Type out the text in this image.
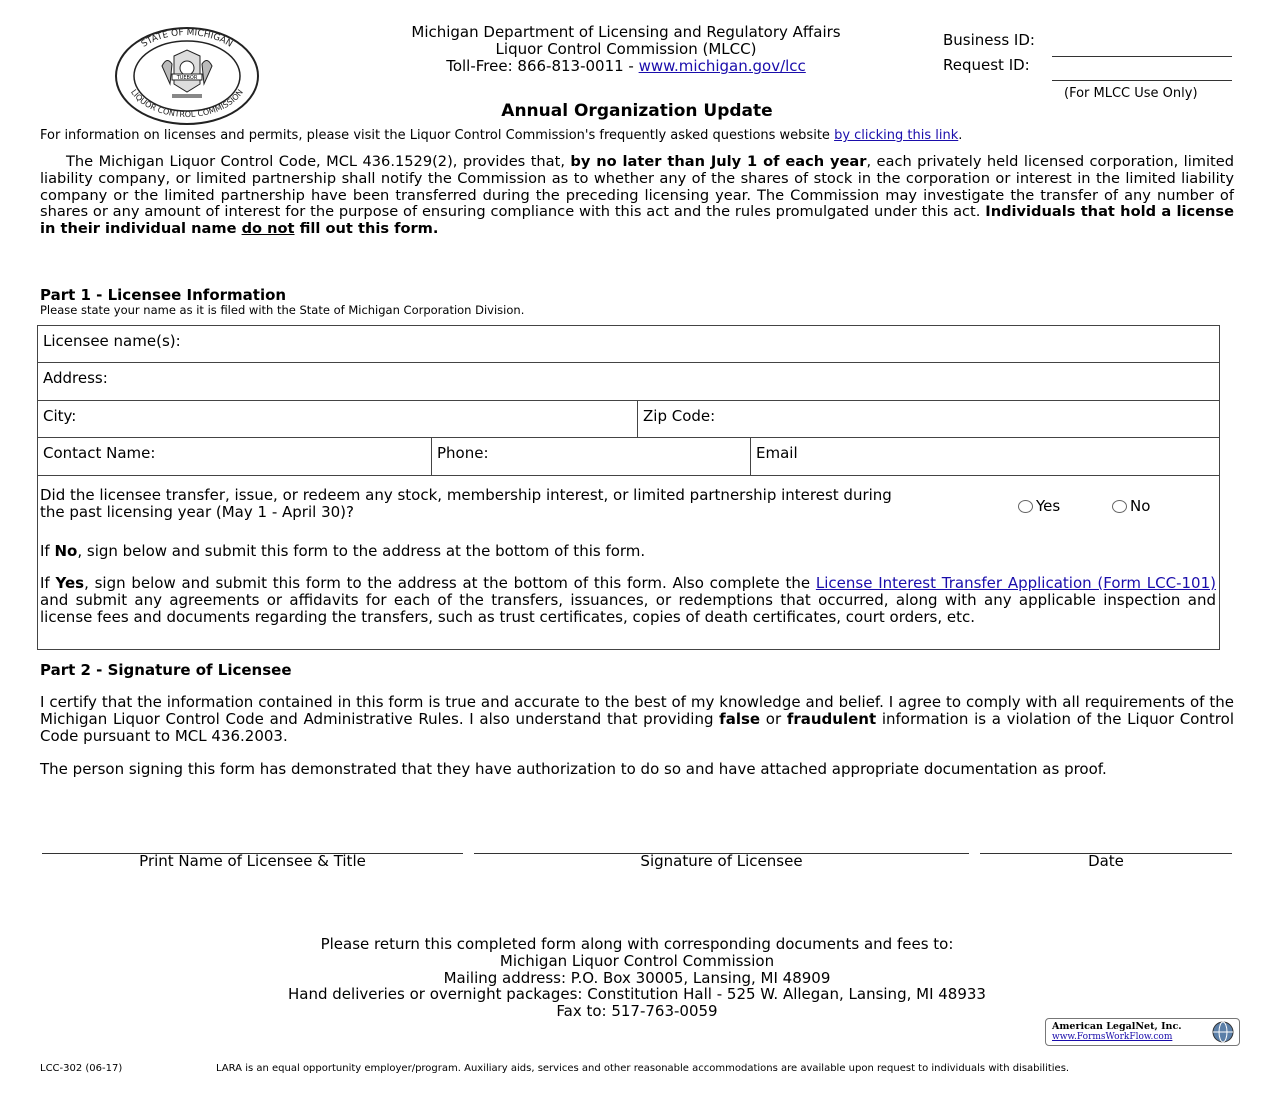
STATE OF MICHIGAN
LIQUOR CONTROL COMMISSION
TUEBOR
Michigan Department of Licensing and Regulatory Affairs
Liquor Control Commission (MLCC)
Toll-Free: 866-813-0011 - www.michigan.gov/lcc
Annual Organization Update
Business ID:
Request ID:
(For MLCC Use Only)
For information on licenses and permits, please visit the Liquor Control Commission's frequently asked questions website by clicking this link.
The Michigan Liquor Control Code, MCL 436.1529(2), provides that, by no later than July 1 of each year, each privately held licensed corporation, limited liability company, or limited partnership shall notify the Commission as to whether any of the shares of stock in the corporation or interest in the limited liability company or the limited partnership have been transferred during the preceding licensing year. The Commission may investigate the transfer of any number of shares or any amount of interest for the purpose of ensuring compliance with this act and the rules promulgated under this act. Individuals that hold a license in their individual name do not fill out this form.
Part 1 - Licensee Information
Please state your name as it is filed with the State of Michigan Corporation Division.
Licensee name(s):
Address:
City:	Zip Code:
Contact Name:	Phone:	Email
Did the licensee transfer, issue, or redeem any stock, membership interest, or limited partnership interest during the past licensing year (May 1 - April 30)?	Yes	No
If No, sign below and submit this form to the address at the bottom of this form.
If Yes, sign below and submit this form to the address at the bottom of this form. Also complete the License Interest Transfer Application (Form LCC-101) and submit any agreements or affidavits for each of the transfers, issuances, or redemptions that occurred, along with any applicable inspection and license fees and documents regarding the transfers, such as trust certificates, copies of death certificates, court orders, etc.
Part 2 - Signature of Licensee
I certify that the information contained in this form is true and accurate to the best of my knowledge and belief. I agree to comply with all requirements of the Michigan Liquor Control Code and Administrative Rules. I also understand that providing false or fraudulent information is a violation of the Liquor Control Code pursuant to MCL 436.2003.
The person signing this form has demonstrated that they have authorization to do so and have attached appropriate documentation as proof.
Print Name of Licensee & Title	Signature of Licensee	Date
Please return this completed form along with corresponding documents and fees to:
Michigan Liquor Control Commission
Mailing address: P.O. Box 30005, Lansing, MI 48909
Hand deliveries or overnight packages: Constitution Hall - 525 W. Allegan, Lansing, MI 48933
Fax to: 517-763-0059
American LegalNet, Inc.
www.FormsWorkFlow.com
LCC-302 (06-17)	LARA is an equal opportunity employer/program. Auxiliary aids, services and other reasonable accommodations are available upon request to individuals with disabilities.
